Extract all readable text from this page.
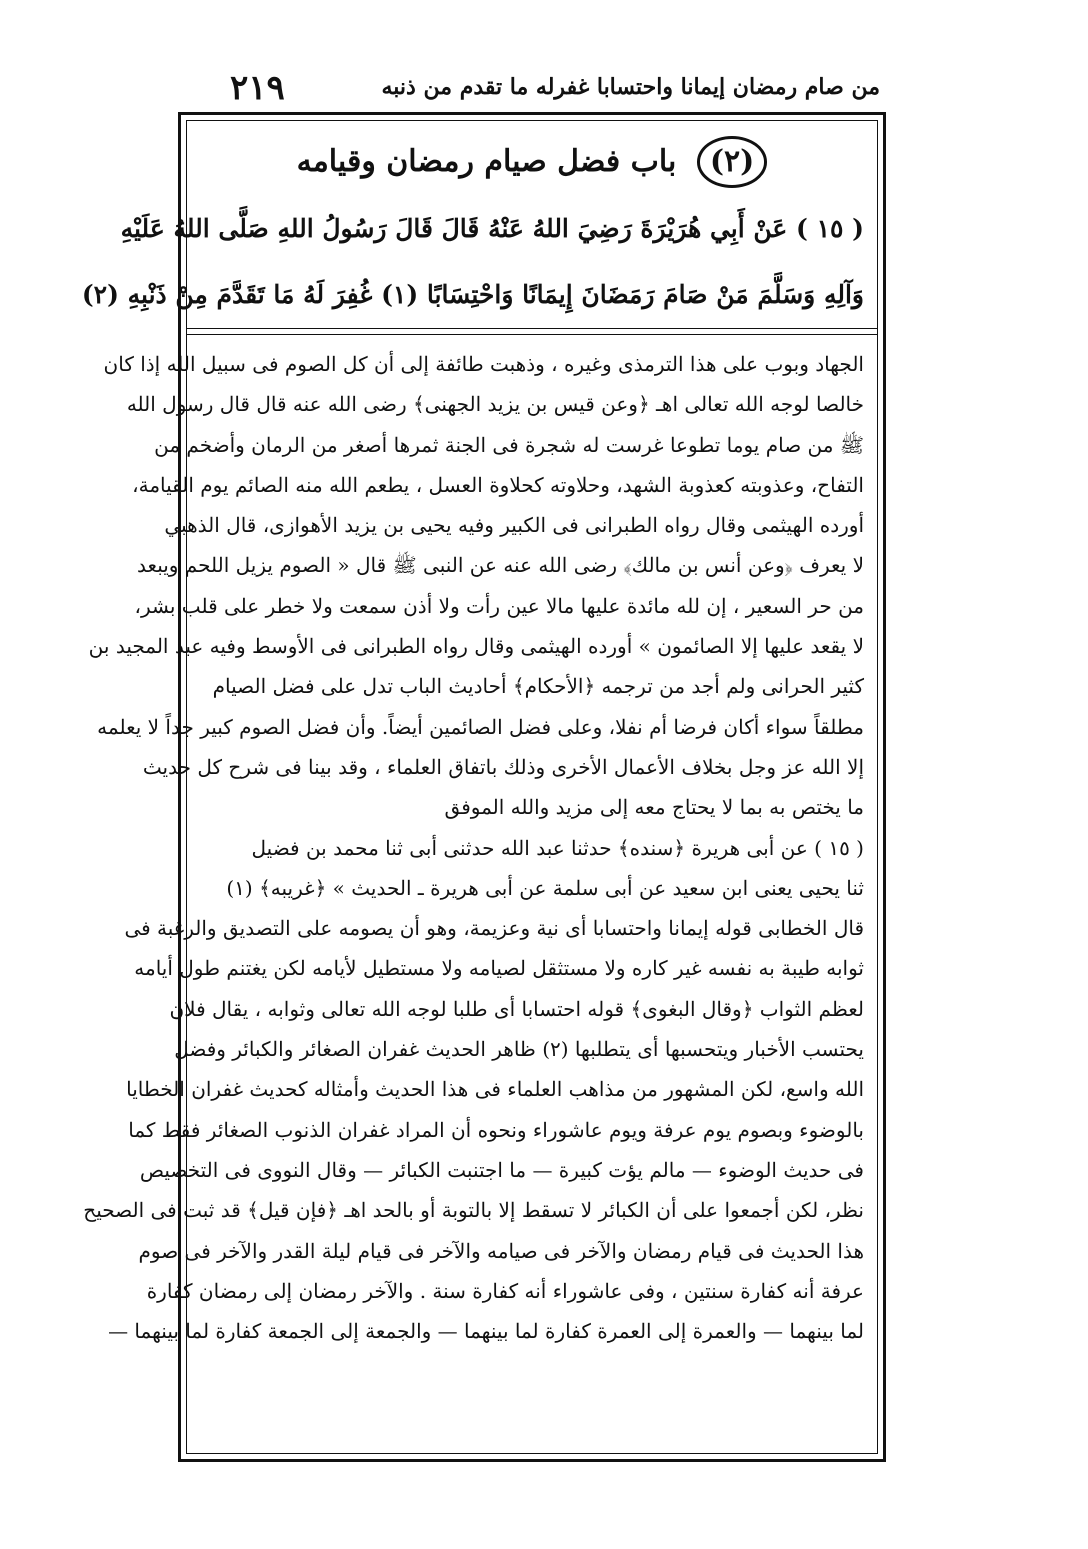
من صام رمضان إيمانا واحتسابا غفرله ما تقدم من ذنبه
٢١٩
(٢) باب فضل صيام رمضان وقيامه
( ١٥ ) عَنْ أَبِي هُرَيْرَةَ رَضِيَ اللهُ عَنْهُ قَالَ قَالَ رَسُولُ اللهِ صَلَّى اللهُ عَلَيْهِ
وَآلِهِ وَسَلَّمَ مَنْ صَامَ رَمَضَانَ إِيمَانًا وَاحْتِسَابًا (١) غُفِرَ لَهُ مَا تَقَدَّمَ مِنْ ذَنْبِهِ (٢)
الجهاد وبوب على هذا الترمذى وغيره ، وذهبت طائفة إلى أن كل الصوم فى سبيل الله إذا كان
خالصا لوجه الله تعالى اهـ ﴿وعن قيس بن يزيد الجهنى﴾ رضى الله عنه قال قال رسول الله
ﷺ من صام يوما تطوعا غرست له شجرة فى الجنة ثمرها أصغر من الرمان وأضخم من
التفاح، وعذوبته كعذوبة الشهد، وحلاوته كحلاوة العسل ، يطعم الله منه الصائم يوم القيامة،
أورده الهيثمى وقال رواه الطبرانى فى الكبير وفيه يحيى بن يزيد الأهوازى، قال الذهبي
لا يعرف ﴿وعن أنس بن مالك﴾ رضى الله عنه عن النبى ﷺ قال « الصوم يزيل اللحم ويبعد
من حر السعير ، إن لله مائدة عليها مالا عين رأت ولا أذن سمعت ولا خطر على قلب بشر،
لا يقعد عليها إلا الصائمون » أورده الهيثمى وقال رواه الطبرانى فى الأوسط وفيه عبد المجيد بن
كثير الحرانى ولم أجد من ترجمه ﴿الأحكام﴾ أحاديث الباب تدل على فضل الصيام
مطلقاً سواء أكان فرضا أم نفلا، وعلى فضل الصائمين أيضاً. وأن فضل الصوم كبير جداً لا يعلمه
إلا الله عز وجل بخلاف الأعمال الأخرى وذلك باتفاق العلماء ، وقد بينا فى شرح كل حديث
ما يختص به بما لا يحتاج معه إلى مزيد والله الموفق
( ١٥ ) عن أبى هريرة ﴿سنده﴾ حدثنا عبد الله حدثنى أبى ثنا محمد بن فضيل
ثنا يحيى يعنى ابن سعيد عن أبى سلمة عن أبى هريرة ـ الحديث » ﴿غريبه﴾ (١)
قال الخطابى قوله إيمانا واحتسابا أى نية وعزيمة، وهو أن يصومه على التصديق والرغبة فى
ثوابه طيبة به نفسه غير كاره ولا مستثقل لصيامه ولا مستطيل لأيامه لكن يغتنم طول أيامه
لعظم الثواب ﴿وقال البغوى﴾ قوله احتسابا أى طلبا لوجه الله تعالى وثوابه ، يقال فلان
يحتسب الأخبار ويتحسبها أى يتطلبها (٢) ظاهر الحديث غفران الصغائر والكبائر وفضل
الله واسع، لكن المشهور من مذاهب العلماء فى هذا الحديث وأمثاله كحديث غفران الخطايا
بالوضوء وبصوم يوم عرفة ويوم عاشوراء ونحوه أن المراد غفران الذنوب الصغائر فقط كما
فى حديث الوضوء — مالم يؤت كبيرة — ما اجتنبت الكبائر — وقال النووى فى التخصيص
نظر، لكن أجمعوا على أن الكبائر لا تسقط إلا بالتوبة أو بالحد اهـ ﴿فإن قيل﴾ قد ثبت فى الصحيح
هذا الحديث فى قيام رمضان والآخر فى صيامه والآخر فى قيام ليلة القدر والآخر فى صوم
عرفة أنه كفارة سنتين ، وفى عاشوراء أنه كفارة سنة . والآخر رمضان إلى رمضان كفارة
لما بينهما — والعمرة إلى العمرة كفارة لما بينهما — والجمعة إلى الجمعة كفارة لما بينهما —
